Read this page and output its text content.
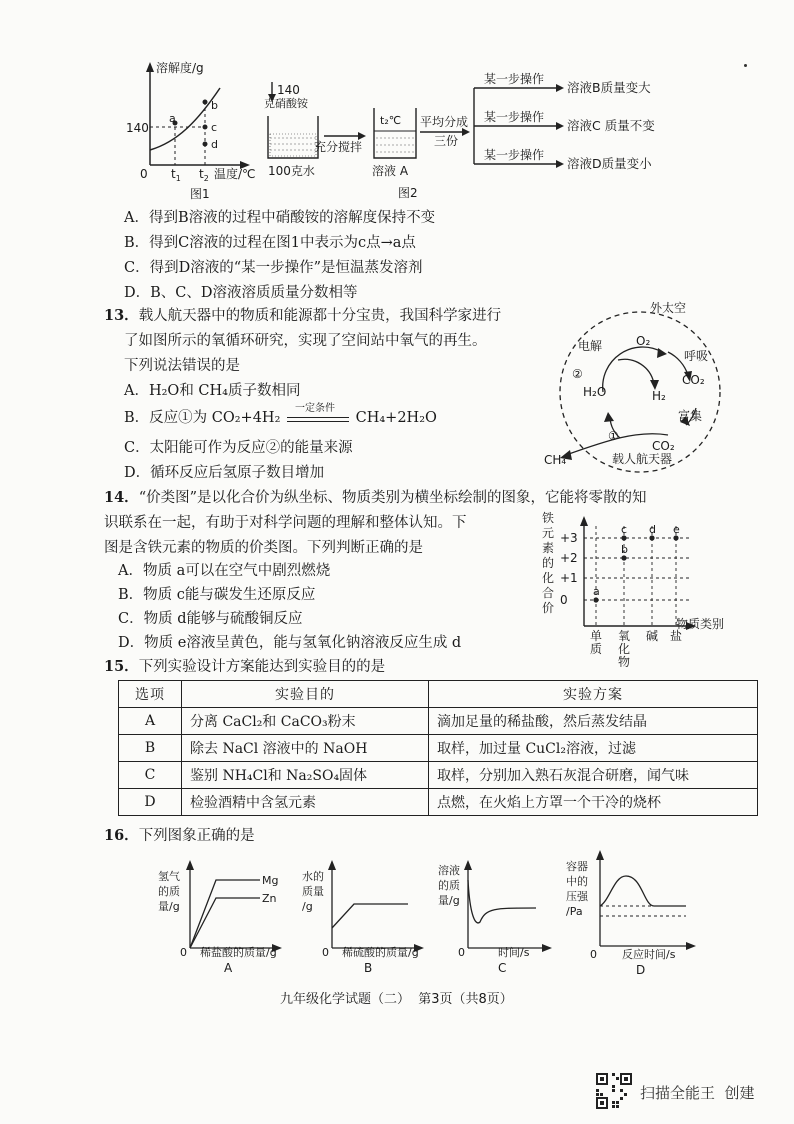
溶解度/g
140
0 $t_1$ $t_2$ 温度/℃
a
b
c
d
图1
140
克硝酸铵
100克水
充分搅拌
t₂℃
溶液 A
平均分成
三份
某一步操作
某一步操作
某一步操作
溶液B质量变大
溶液C 质量不变
溶液D质量变小
图2
A．得到B溶液的过程中硝酸铵的溶解度保持不变
B．得到C溶液的过程在图1中表示为c点→a点
C．得到D溶液的“某一步操作”是恒温蒸发溶剂
D．B、C、D溶液溶质质量分数相等
13．载人航天器中的物质和能源都十分宝贵，我国科学家进行
了如图所示的氧循环研究，实现了空间站中氧气的再生。
下列说法错误的是
A．H₂O和 CH₄质子数相同
B．反应①为 CO₂+4H₂
一定条件
CH₄+2H₂O
C．太阳能可作为反应②的能量来源
D．循环反应后氢原子数目增加
外太空
电解	O₂
呼吸
H₂O	H₂
CO₂
富集
CO₂
①
②
CH₄	载人航天器
14．“价类图”是以化合价为纵坐标、物质类别为横坐标绘制的图象，它能将零散的知
识联系在一起，有助于对科学问题的理解和整体认知。下
图是含铁元素的物质的价类图。下列判断正确的是
A．物质 a可以在空气中剧烈燃烧
B．物质 c能与碳发生还原反应
C．物质 d能够与硫酸铜反应
D．物质 e溶液呈黄色，能与氢氧化钠溶液反应生成 d
铁
元
素
的
化
合
价
+3
+2
+1
0
单
质
氧
化
物
碱 盐
a
b
c d e
物质类别
15．下列实验设计方案能达到实验目的的是
选项	实验目的	实验方案
A	分离 CaCl₂和 CaCO₃粉末	滴加足量的稀盐酸，然后蒸发结晶
B	除去 NaCl 溶液中的 NaOH	取样，加过量 CuCl₂溶液，过滤
C	鉴别 NH₄Cl和 Na₂SO₄固体	取样，分别加入熟石灰混合研磨，闻气味
D	检验酒精中含氢元素	点燃，在火焰上方罩一个干冷的烧杯
16．下列图象正确的是
氢气
的质
量/g
Mg
Zn
0 稀盐酸的质量/g
A
水的
质量
/g
0 稀硫酸的质量/g
B
溶液
的质
量/g
0	时间/s
C
容器
中的
压强
/Pa
0 反应时间/s
D
九年级化学试题（二）  第3页（共8页）
扫描全能王  创建
